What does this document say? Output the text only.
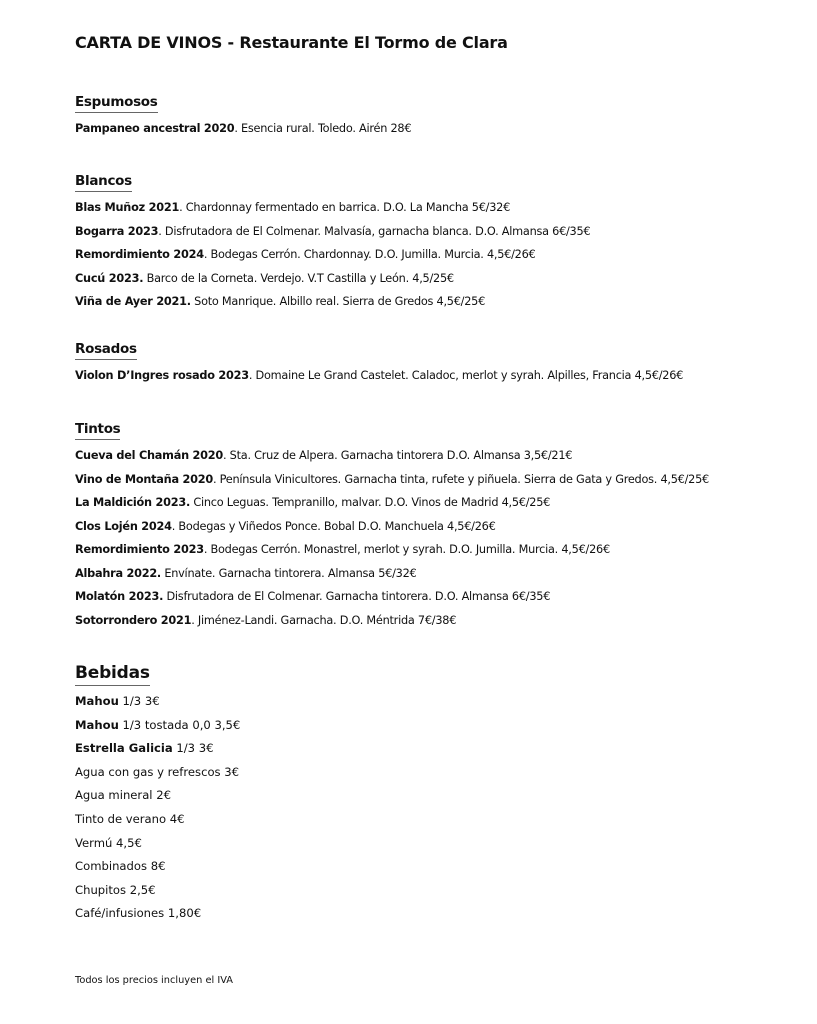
CARTA DE VINOS - Restaurante El Tormo de Clara
Espumosos
Pampaneo ancestral 2020. Esencia rural. Toledo. Airén 28€
Blancos
Blas Muñoz 2021. Chardonnay fermentado en barrica. D.O. La Mancha 5€/32€
Bogarra 2023. Disfrutadora de El Colmenar. Malvasía, garnacha blanca. D.O. Almansa 6€/35€
Remordimiento 2024. Bodegas Cerrón. Chardonnay. D.O. Jumilla. Murcia. 4,5€/26€
Cucú 2023. Barco de la Corneta. Verdejo. V.T Castilla y León. 4,5/25€
Viña de Ayer 2021. Soto Manrique. Albillo real. Sierra de Gredos 4,5€/25€
Rosados
Violon D’Ingres rosado 2023. Domaine Le Grand Castelet. Caladoc, merlot y syrah. Alpilles, Francia 4,5€/26€
Tintos
Cueva del Chamán 2020. Sta. Cruz de Alpera. Garnacha tintorera D.O. Almansa 3,5€/21€
Vino de Montaña 2020. Península Vinicultores. Garnacha tinta, rufete y piñuela. Sierra de Gata y Gredos. 4,5€/25€
La Maldición 2023. Cinco Leguas. Tempranillo, malvar. D.O. Vinos de Madrid 4,5€/25€
Clos Lojén 2024. Bodegas y Viñedos Ponce. Bobal D.O. Manchuela 4,5€/26€
Remordimiento 2023. Bodegas Cerrón. Monastrel, merlot y syrah. D.O. Jumilla. Murcia. 4,5€/26€
Albahra 2022. Envínate. Garnacha tintorera. Almansa 5€/32€
Molatón 2023. Disfrutadora de El Colmenar. Garnacha tintorera. D.O. Almansa 6€/35€
Sotorrondero 2021. Jiménez-Landi. Garnacha. D.O. Méntrida 7€/38€
Bebidas
Mahou 1/3 3€
Mahou 1/3 tostada 0,0 3,5€
Estrella Galicia 1/3 3€
Agua con gas y refrescos 3€
Agua mineral 2€
Tinto de verano 4€
Vermú 4,5€
Combinados 8€
Chupitos 2,5€
Café/infusiones 1,80€
Todos los precios incluyen el IVA
